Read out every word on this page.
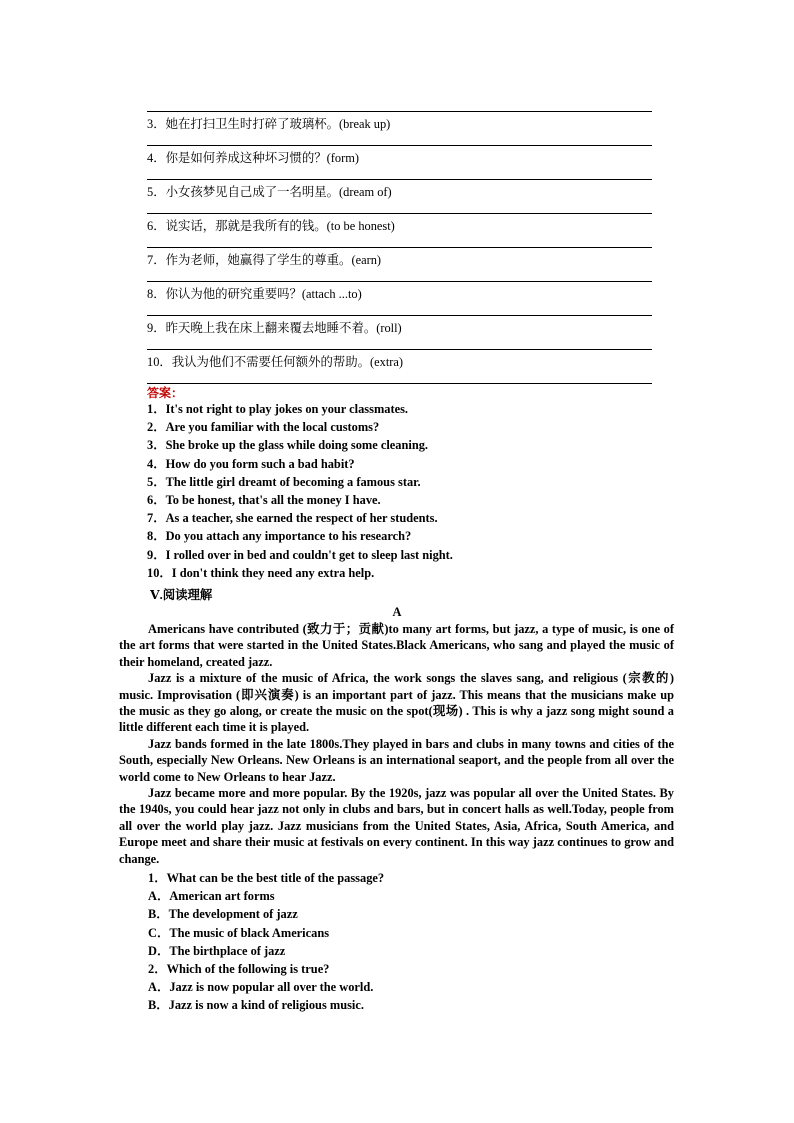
3．她在打扫卫生时打碎了玻璃杯。(break up)
4．你是如何养成这种坏习惯的？(form)
5．小女孩梦见自己成了一名明星。(dream of)
6．说实话，那就是我所有的钱。(to be honest)
7．作为老师，她赢得了学生的尊重。(earn)
8．你认为他的研究重要吗？(attach ...to)
9．昨天晚上我在床上翻来覆去地睡不着。(roll)
10．我认为他们不需要任何额外的帮助。(extra)
答案：
1．It's not right to play jokes on your classmates.
2．Are you familiar with the local customs?
3．She broke up the glass while doing some cleaning.
4．How do you form such a bad habit?
5．The little girl dreamt of becoming a famous star.
6．To be honest, that's all the money I have.
7．As a teacher, she earned the respect of her students.
8．Do you attach any importance to his research?
9．I rolled over in bed and couldn't get to sleep last night.
10．I don't think they need any extra help.
Ⅴ.阅读理解
A

Americans have contributed (致力于；贡献)to many art forms, but jazz, a type of music, is one of the art forms that were started in the United States.Black Americans, who sang and played the music of their homeland, created jazz.

Jazz is a mixture of the music of Africa, the work songs the slaves sang, and religious (宗教的) music. Improvisation (即兴演奏) is an important part of jazz. This means that the musicians make up the music as they go along, or create the music on the spot(现场) . This is why a jazz song might sound a little different each time it is played.

Jazz bands formed in the late 1800s.They played in bars and clubs in many towns and cities of the South, especially New Orleans. New Orleans is an international seaport, and the people from all over the world come to New Orleans to hear Jazz.

Jazz became more and more popular. By the 1920s, jazz was popular all over the United States. By the 1940s, you could hear jazz not only in clubs and bars, but in concert halls as well.Today, people from all over the world play jazz. Jazz musicians from the United States, Asia, Africa, South America, and Europe meet and share their music at festivals on every continent. In this way jazz continues to grow and change.

1．What can be the best title of the passage?
A．American art forms
B．The development of jazz
C．The music of black Americans
D．The birthplace of jazz
2．Which of the following is true?
A．Jazz is now popular all over the world.
B．Jazz is now a kind of religious music.
